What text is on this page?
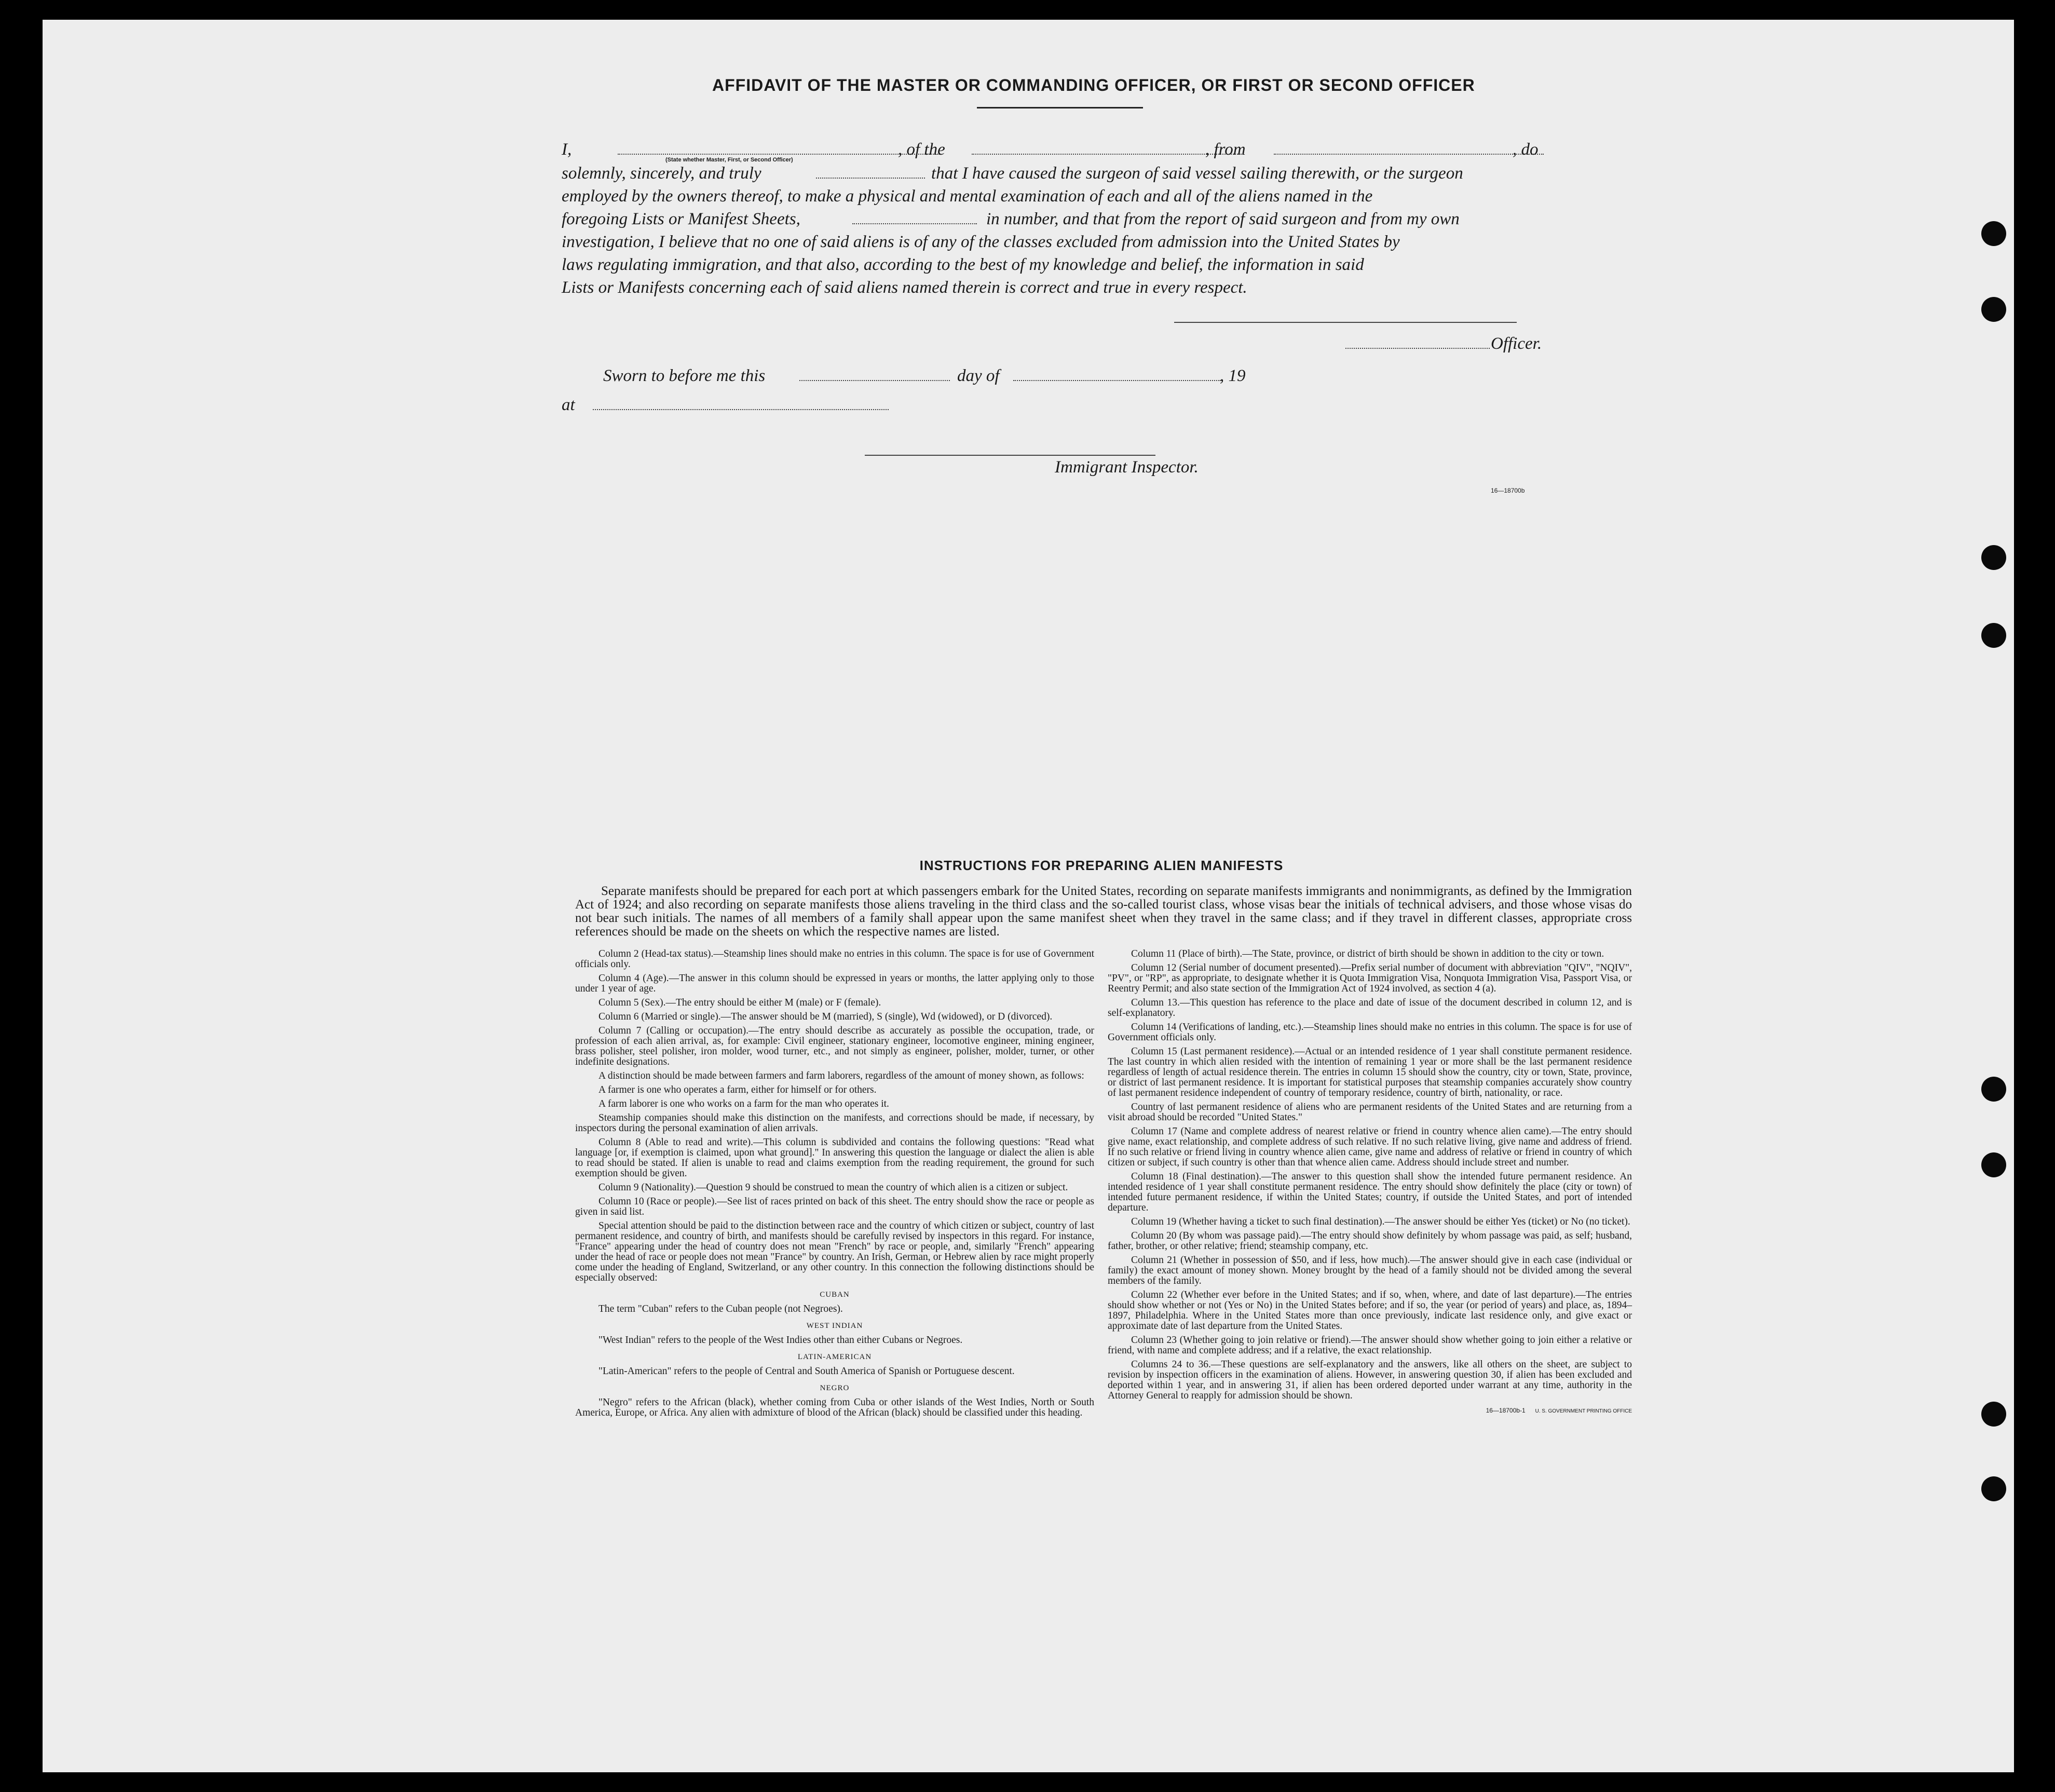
AFFIDAVIT OF THE MASTER OR COMMANDING OFFICER, OR FIRST OR SECOND OFFICER
I,	, of the	, from	, do
(State whether Master, First, or Second Officer)
solemnly, sincerely, and truly	that I have caused the surgeon of said vessel sailing therewith, or the surgeon
employed by the owners thereof, to make a physical and mental examination of each and all of the aliens named in the
foregoing Lists or Manifest Sheets,	in number, and that from the report of said surgeon and from my own
investigation, I believe that no one of said aliens is of any of the classes excluded from admission into the United States by
laws regulating immigration, and that also, according to the best of my knowledge and belief, the information in said
Lists or Manifests concerning each of said aliens named therein is correct and true in every respect.
Officer.
Sworn to before me this	day of	, 19
at
Immigrant Inspector.
16—18700b
INSTRUCTIONS FOR PREPARING ALIEN MANIFESTS
Separate manifests should be prepared for each port at which passengers embark for the United States, recording on separate manifests immigrants and nonimmigrants, as defined by the Immigration Act of 1924; and also recording on separate manifests those aliens traveling in the third class and the so-called tourist class, whose visas bear the initials of technical advisers, and those whose visas do not bear such initials. The names of all members of a family shall appear upon the same manifest sheet when they travel in the same class; and if they travel in different classes, appropriate cross references should be made on the sheets on which the respective names are listed.

Column 2 (Head-tax status).—Steamship lines should make no entries in this column. The space is for use of Government officials only.

Column 4 (Age).—The answer in this column should be expressed in years or months, the latter applying only to those under 1 year of age.

Column 5 (Sex).—The entry should be either M (male) or F (female).

Column 6 (Married or single).—The answer should be M (married), S (single), Wd (widowed), or D (divorced).

Column 7 (Calling or occupation).—The entry should describe as accurately as possible the occupation, trade, or profession of each alien arrival, as, for example: Civil engineer, stationary engineer, locomotive engineer, mining engineer, brass polisher, steel polisher, iron molder, wood turner, etc., and not simply as engineer, polisher, molder, turner, or other indefinite designations.

A distinction should be made between farmers and farm laborers, regardless of the amount of money shown, as follows:

A farmer is one who operates a farm, either for himself or for others.

A farm laborer is one who works on a farm for the man who operates it.

Steamship companies should make this distinction on the manifests, and corrections should be made, if necessary, by inspectors during the personal examination of alien arrivals.

Column 8 (Able to read and write).—This column is subdivided and contains the following questions: "Read what language [or, if exemption is claimed, upon what ground]." In answering this question the language or dialect the alien is able to read should be stated. If alien is unable to read and claims exemption from the reading requirement, the ground for such exemption should be given.

Column 9 (Nationality).—Question 9 should be construed to mean the country of which alien is a citizen or subject.

Column 10 (Race or people).—See list of races printed on back of this sheet. The entry should show the race or people as given in said list.

Special attention should be paid to the distinction between race and the country of which citizen or subject, country of last permanent residence, and country of birth, and manifests should be carefully revised by inspectors in this regard. For instance, "France" appearing under the head of country does not mean "French" by race or people, and, similarly "French" appearing under the head of race or people does not mean "France" by country. An Irish, German, or Hebrew alien by race might properly come under the heading of England, Switzerland, or any other country. In this connection the following distinctions should be especially observed:

CUBAN

The term "Cuban" refers to the Cuban people (not Negroes).

WEST INDIAN

"West Indian" refers to the people of the West Indies other than either Cubans or Negroes.

LATIN-AMERICAN

"Latin-American" refers to the people of Central and South America of Spanish or Portuguese descent.

NEGRO

"Negro" refers to the African (black), whether coming from Cuba or other islands of the West Indies, North or South America, Europe, or Africa. Any alien with admixture of blood of the African (black) should be classified under this heading.

Column 11 (Place of birth).—The State, province, or district of birth should be shown in addition to the city or town.

Column 12 (Serial number of document presented).—Prefix serial number of document with abbreviation "QIV", "NQIV", "PV", or "RP", as appropriate, to designate whether it is Quota Immigration Visa, Nonquota Immigration Visa, Passport Visa, or Reentry Permit; and also state section of the Immigration Act of 1924 involved, as section 4 (a).

Column 13.—This question has reference to the place and date of issue of the document described in column 12, and is self-explanatory.

Column 14 (Verifications of landing, etc.).—Steamship lines should make no entries in this column. The space is for use of Government officials only.

Column 15 (Last permanent residence).—Actual or an intended residence of 1 year shall constitute permanent residence. The last country in which alien resided with the intention of remaining 1 year or more shall be the last permanent residence regardless of length of actual residence therein. The entries in column 15 should show the country, city or town, State, province, or district of last permanent residence. It is important for statistical purposes that steamship companies accurately show country of last permanent residence independent of country of temporary residence, country of birth, nationality, or race.

Country of last permanent residence of aliens who are permanent residents of the United States and are returning from a visit abroad should be recorded "United States."

Column 17 (Name and complete address of nearest relative or friend in country whence alien came).—The entry should give name, exact relationship, and complete address of such relative. If no such relative living, give name and address of friend. If no such relative or friend living in country whence alien came, give name and address of relative or friend in country of which citizen or subject, if such country is other than that whence alien came. Address should include street and number.

Column 18 (Final destination).—The answer to this question shall show the intended future permanent residence. An intended residence of 1 year shall constitute permanent residence. The entry should show definitely the place (city or town) of intended future permanent residence, if within the United States; country, if outside the United States, and port of intended departure.

Column 19 (Whether having a ticket to such final destination).—The answer should be either Yes (ticket) or No (no ticket).

Column 20 (By whom was passage paid).—The entry should show definitely by whom passage was paid, as self; husband, father, brother, or other relative; friend; steamship company, etc.

Column 21 (Whether in possession of $50, and if less, how much).—The answer should give in each case (individual or family) the exact amount of money shown. Money brought by the head of a family should not be divided among the several members of the family.

Column 22 (Whether ever before in the United States; and if so, when, where, and date of last departure).—The entries should show whether or not (Yes or No) in the United States before; and if so, the year (or period of years) and place, as, 1894–1897, Philadelphia. Where in the United States more than once previously, indicate last residence only, and give exact or approximate date of last departure from the United States.

Column 23 (Whether going to join relative or friend).—The answer should show whether going to join either a relative or friend, with name and complete address; and if a relative, the exact relationship.

Columns 24 to 36.—These questions are self-explanatory and the answers, like all others on the sheet, are subject to revision by inspection officers in the examination of aliens. However, in answering question 30, if alien has been excluded and deported within 1 year, and in answering 31, if alien has been ordered deported under warrant at any time, authority in the Attorney General to reapply for admission should be shown.

16—18700b-1 U. S. GOVERNMENT PRINTING OFFICE
